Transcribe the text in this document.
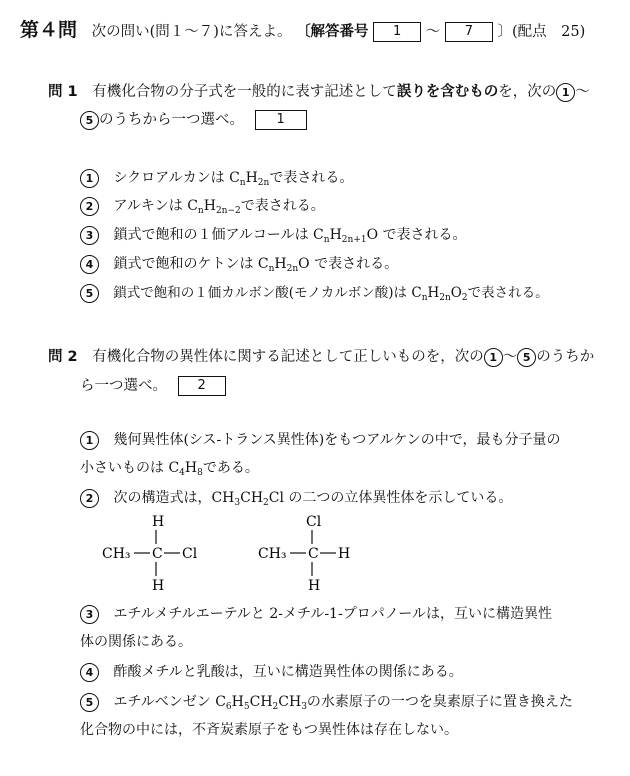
第４問 次の問い(問１～７)に答えよ。 〔解答番号 1 ～ 7 〕(配点　25)
問 1 有機化合物の分子式を一般的に表す記述として誤りを含むものを，次の 1 ～
5 のうちから一つ選べ。 1
1 シクロアルカンは $C_nH_{2n}$で表される。
2 アルキンは $C_nH_{2n-2}$で表される。
3 鎖式で飽和の１価アルコールは $C_nH_{2n+1}O$ で表される。
4 鎖式で飽和のケトンは $C_nH_{2n}O$ で表される。
5 鎖式で飽和の１価カルボン酸(モノカルボン酸)は $C_nH_{2n}O_2$で表される。
問 2 有機化合物の異性体に関する記述として正しいものを，次の 1 ～ 5 のうちか
ら一つ選べ。 2
1 幾何異性体(シス-トランス異性体)をもつアルケンの中で，最も分子量の
小さいものは $C_4H_8$である。
2 次の構造式は，$CH_3CH_2Cl$ の二つの立体異性体を示している。
H
CH₃ C Cl
H
Cl
CH₃ C H
H
3 エチルメチルエーテルと 2-メチル-1-プロパノールは，互いに構造異性
体の関係にある。
4 酢酸メチルと乳酸は，互いに構造異性体の関係にある。
5 エチルベンゼン $C_6H_5CH_2CH_3$の水素原子の一つを臭素原子に置き換えた
化合物の中には，不斉炭素原子をもつ異性体は存在しない。
